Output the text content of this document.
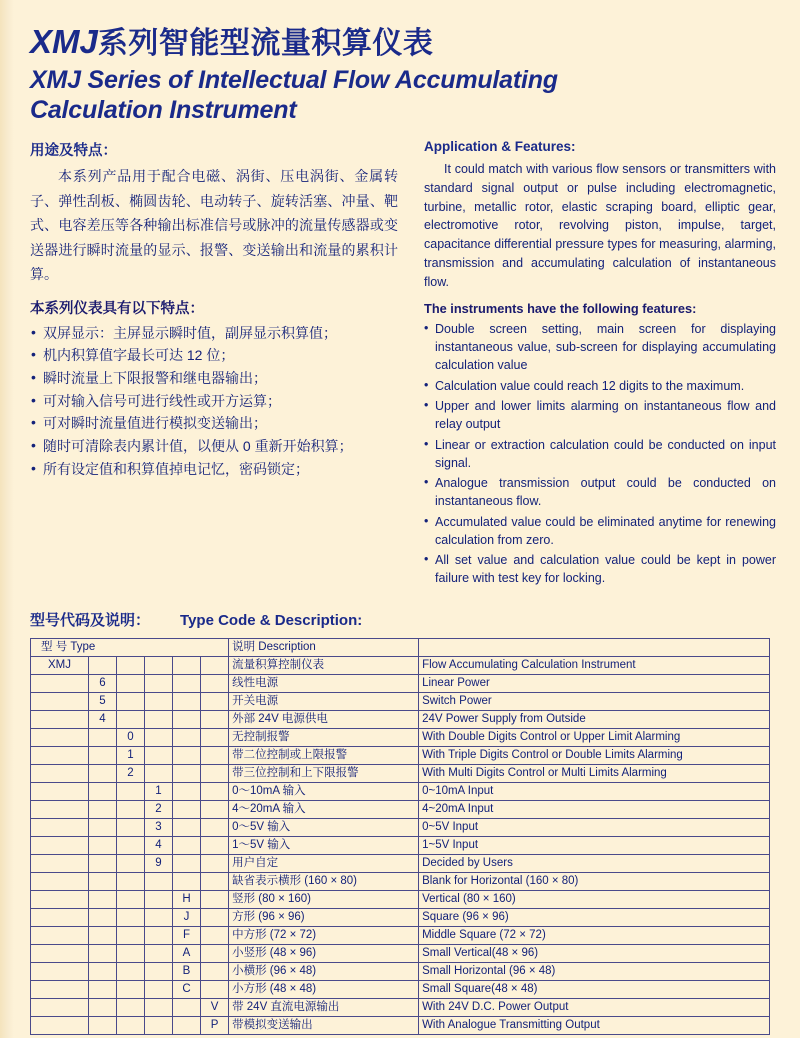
XMJ系列智能型流量积算仪表
XMJ Series of Intellectual Flow Accumulating
Calculation Instrument
用途及特点：

本系列产品用于配合电磁、涡街、压电涡街、金属转子、弹性刮板、椭圆齿轮、电动转子、旋转活塞、冲量、靶式、电容差压等各种输出标准信号或脉冲的流量传感器或变送器进行瞬时流量的显示、报警、变送输出和流量的累积计算。

本系列仪表具有以下特点：
• 双屏显示：主屏显示瞬时值，副屏显示积算值；
• 机内积算值字最长可达 12 位；
• 瞬时流量上下限报警和继电器输出；
• 可对输入信号可进行线性或开方运算；
• 可对瞬时流量值进行模拟变送输出；
• 随时可清除表内累计值，以便从 0 重新开始积算；
• 所有设定值和积算值掉电记忆，密码锁定；
Application & Features:

It could match with various flow sensors or transmitters with standard signal output or pulse including electromagnetic, turbine, metallic rotor, elastic scraping board, elliptic gear, electromotive rotor, revolving piston, impulse, target, capacitance differential pressure types for measuring, alarming, transmission and accumulating calculation of instantaneous flow.

The instruments have the following features:
• Double screen setting, main screen for displaying instantaneous value, sub-screen for displaying accumulating calculation value
• Calculation value could reach 12 digits to the maximum.
• Upper and lower limits alarming on instantaneous flow and relay output
• Linear or extraction calculation could be conducted on input signal.
• Analogue transmission output could be conducted on instantaneous flow.
• Accumulated value could be eliminated anytime for renewing calculation from zero.
• All set value and calculation value could be kept in power failure with test key for locking.
型号代码及说明： Type Code & Description:
型 号 Type						说明 Description	
XMJ						流量积算控制仪表	Flow Accumulating Calculation Instrument
	6					线性电源	Linear Power
	5					开关电源	Switch Power
	4					外部 24V 电源供电	24V Power Supply from Outside
		0				无控制报警	With Double Digits Control or Upper Limit Alarming
		1				带二位控制或上限报警	With Triple Digits Control or Double Limits Alarming
		2				带三位控制和上下限报警	With Multi Digits Control or Multi Limits Alarming
			1			0～10mA 输入	0~10mA Input
			2			4～20mA 输入	4~20mA Input
			3			0～5V 输入	0~5V Input
			4			1～5V 输入	1~5V Input
			9			用户自定	Decided by Users
						缺省表示横形 (160 × 80)	Blank for Horizontal (160 × 80)
				H		竖形 (80 × 160)	Vertical (80 × 160)
				J		方形 (96 × 96)	Square (96 × 96)
				F		中方形 (72 × 72)	Middle Square (72 × 72)
				A		小竖形 (48 × 96)	Small Vertical(48 × 96)
				B		小横形 (96 × 48)	Small Horizontal (96 × 48)
				C		小方形 (48 × 48)	Small Square(48 × 48)
					V	带 24V 直流电源输出	With 24V D.C. Power Output
					P	带模拟变送输出	With Analogue Transmitting Output
